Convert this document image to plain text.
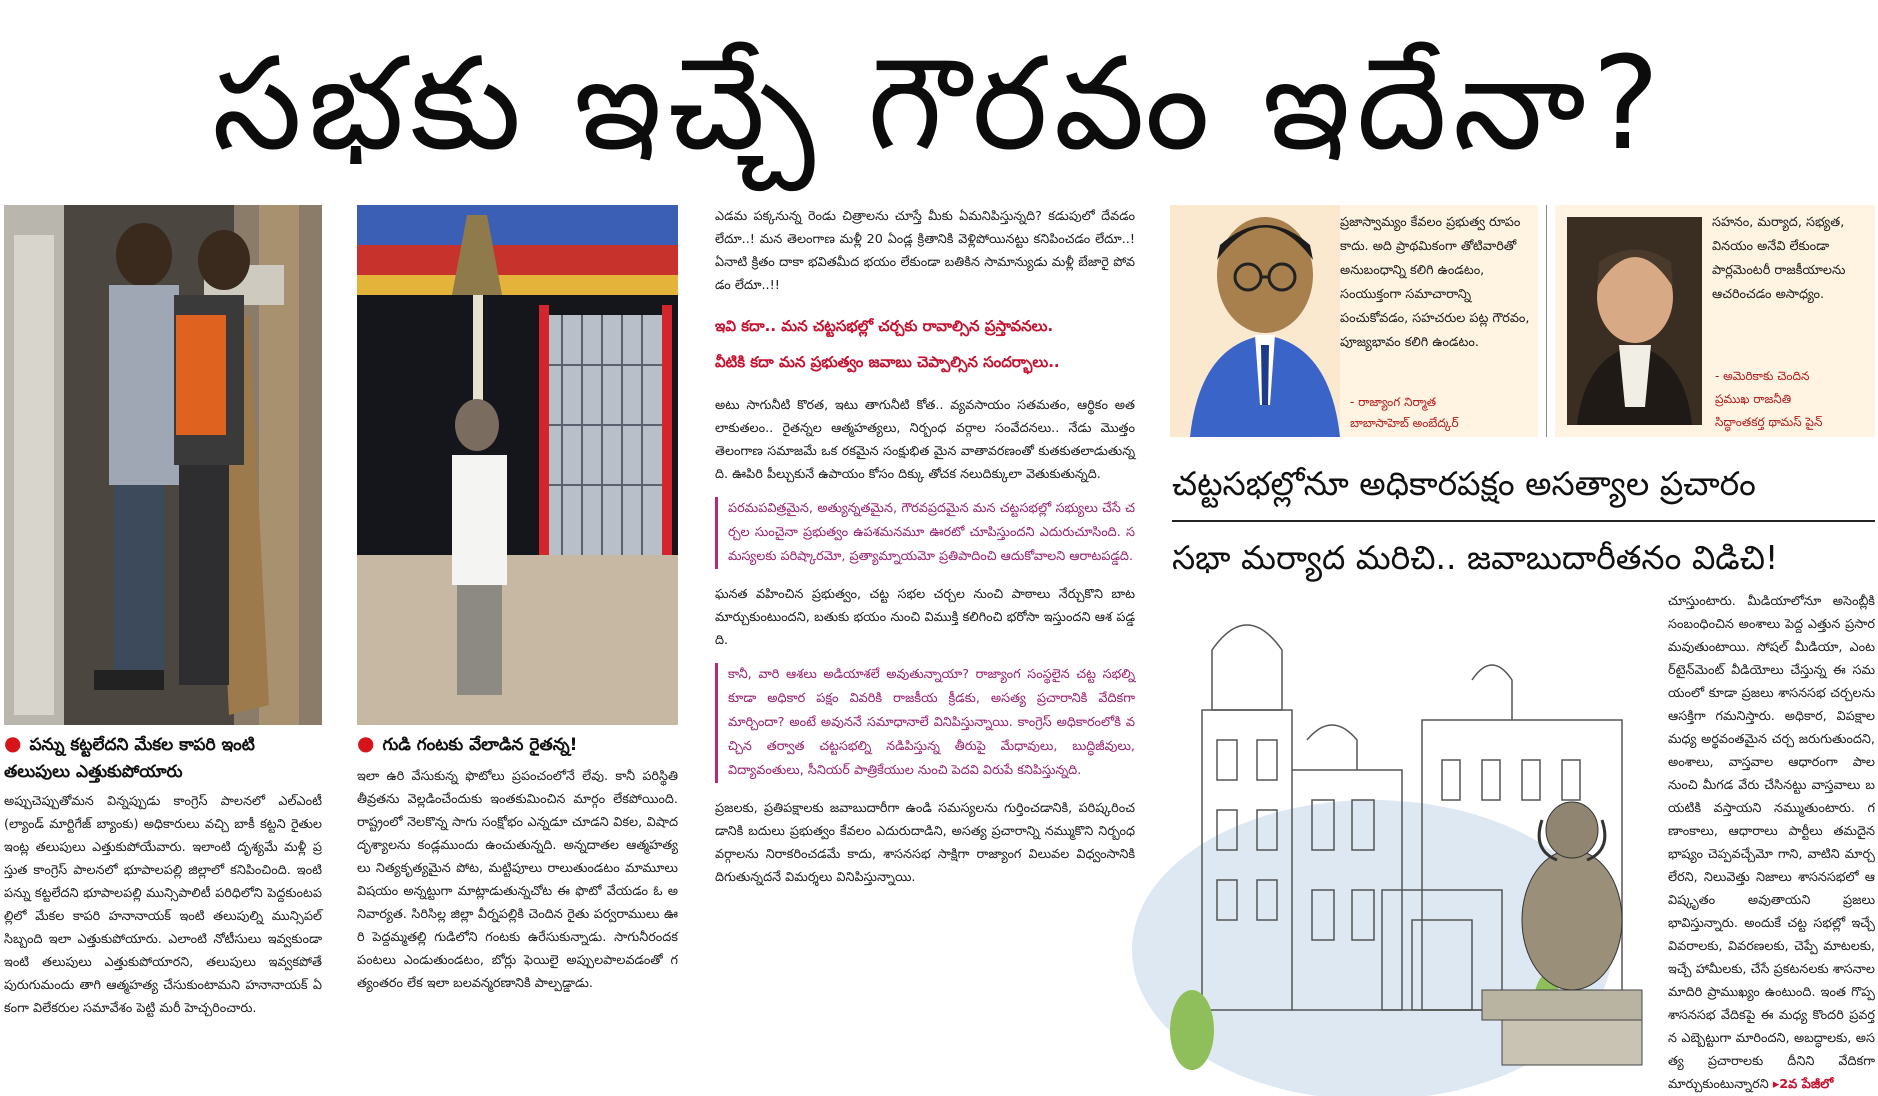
సభకు ఇచ్చే గౌరవం ఇదేనా?
● పన్ను కట్టలేదని మేకల కాపరి ఇంటి తలుపులు ఎత్తుకుపోయారు
● గుడి గంటకు వేలాడిన రైతన్న!
అప్పుచెప్పుతోమన విన్నప్పుడు కాంగ్రెస్ పాలనలో ఎల్ఎంటీ (ల్యాండ్ మార్టిగేజ్ బ్యాంకు) అధికారులు వచ్చి బాకీ కట్టని రైతుల ఇంట్ల తలుపులు ఎత్తుకుపోయేవారు. ఇలాంటి దృశ్యమే మళ్లీ ప్రస్తుత కాంగ్రెస్ పాలనలో భూపాలపల్లి జిల్లాలో కనిపించింది. ఇంటి పన్ను కట్టలేదని భూపాలపల్లి మున్సిపాలిటీ పరిధిలోని పెద్దకుంటపల్లిలో మేకల కాపరి హనానాయక్ ఇంటి తలుపుల్ని మున్సిపల్ సిబ్బంది ఇలా ఎత్తుకుపోయారు. ఎలాంటి నోటీసులు ఇవ్వకుండా ఇంటి తలుపులు ఎత్తుకుపోయారని, తలుపులు ఇవ్వకపోతే పురుగుమందు తాగి ఆత్మహత్య చేసుకుంటామని హనానాయక్ ఏకంగా విలేకరుల సమావేశం పెట్టి మరీ హెచ్చరించారు.
ఇలా ఉరి వేసుకున్న ఫొటోలు ప్రపంచంలోనే లేవు. కానీ పరిస్థితి తీవ్రతను వెల్లడించేందుకు ఇంతకుమించిన మార్గం లేకపోయింది. రాష్ట్రంలో నెలకొన్న సాగు సంక్షోభం ఎన్నడూ చూడని వికల, విషాద దృశ్యాలను కండ్లముందు ఉంచుతున్నది. అన్నదాతల ఆత్మహత్యలు నిత్యకృత్యమైన పోట, మట్టిపూలు రాలుతుండటం మామూలు విషయం అన్నట్టుగా మాట్లాడుతున్నచోట ఈ ఫొటో వేయడం ఓ అనివార్యత. సిరిసిల్ల జిల్లా వీర్నపల్లికి చెందిన రైతు పర్వరాములు ఊరి పెద్దమ్మతల్లి గుడిలోని గంటకు ఉరేసుకున్నాడు. సాగునీరందక పంటలు ఎండుతుండటం, బోర్లు ఫెయిలై అప్పులపాలవడంతో గత్యంతరం లేక ఇలా బలవన్మరణానికి పాల్పడ్డాడు.

ఎడమ పక్కనున్న రెండు చిత్రాలను చూస్తే మీకు ఏమనిపిస్తున్నది? కడుపులో దేవడం లేదూ..! మన తెలంగాణ మళ్లీ 20 ఏండ్ల క్రితానికి వెళ్లిపోయినట్టు కనిపించడం లేదూ..! ఏనాటి క్రితం దాకా భవితమీద భయం లేకుండా బతికిన సామాన్యుడు మళ్లీ బేజారై పోవడం లేదూ..!!

ఇవి కదా.. మన చట్టసభల్లో చర్చకు రావాల్సిన ప్రస్తావనలు.
వీటికి కదా మన ప్రభుత్వం జవాబు చెప్పాల్సిన సందర్భాలు..

అటు సాగునీటి కొరత, ఇటు తాగునీటి కోత.. వ్యవసాయం సతమతం, ఆర్థికం అతలాకుతలం.. రైతన్నల ఆత్మహత్యలు, నిర్బంధ వర్గాల సంవేదనలు.. నేడు మొత్తం తెలంగాణ సమాజమే ఒక రకమైన సంక్షుభిత మైన వాతావరణంతో కుతకుతలాడుతున్నది. ఊపిరి పీల్చుకునే ఉపాయం కోసం దిక్కు తోచక నలుదిక్కులా వెతుకుతున్నది.

పరమపవిత్రమైన, అత్యున్నతమైన, గౌరవప్రదమైన మన చట్టసభల్లో సభ్యులు చేసే చర్చల సుంచైనా ప్రభుత్వం ఉపశమనమూ ఊరటో చూపిస్తుందని ఎదురుచూసింది. సమస్యలకు పరిష్కారమో, ప్రత్యామ్నాయమో ప్రతిపాదించి ఆదుకోవాలని ఆరాటపడ్డది.

ఘనత వహించిన ప్రభుత్వం, చట్ట సభల చర్చల నుంచి పాఠాలు నేర్చుకొని బాట మార్చుకుంటుందని, బతుకు భయం నుంచి విముక్తి కలిగించి భరోసా ఇస్తుందని ఆశ పడ్డది.

కానీ, వారి ఆశలు అడియాశలే అవుతున్నాయా? రాజ్యాంగ సంస్థలైన చట్ట సభల్ని కూడా అధికార పక్షం వివరికి రాజకీయ క్రీడకు, అసత్య ప్రచారానికి వేదికగా మార్చిందా? అంటే అవుననే సమాధానాలే వినిపిస్తున్నాయి. కాంగ్రెస్ అధికారంలోకి వచ్చిన తర్వాత చట్టసభల్ని నడిపిస్తున్న తీరుపై మేధావులు, బుద్ధిజీవులు, విద్యావంతులు, సీనియర్ పాత్రికేయుల నుంచి పెదవి విరుపే కనిపిస్తున్నది.

ప్రజలకు, ప్రతిపక్షాలకు జవాబుదారీగా ఉండి సమస్యలను గుర్తించడానికి, పరిష్కరించడానికి బదులు ప్రభుత్వం కేవలం ఎదురుదాడిని, అసత్య ప్రచారాన్ని నమ్ముకొని నిర్బంధ వర్గాలను నిరాకరించడమే కాదు, శాసనసభ సాక్షిగా రాజ్యాంగ విలువల విధ్వంసానికి దిగుతున్నదనే విమర్శలు వినిపిస్తున్నాయి.

ప్రజాస్వామ్యం కేవలం ప్రభుత్వ రూపం కాదు. అది ప్రాథమికంగా తోటివారితో అనుబంధాన్ని కలిగి ఉండటం, సంయుక్తంగా సమాచారాన్ని పంచుకోవడం, సహచరుల పట్ల గౌరవం, పూజ్యభావం కలిగి ఉండటం.
- రాజ్యాంగ నిర్మాత
బాబాసాహెబ్ అంబేద్కర్
సహనం, మర్యాద, సభ్యత, వినయం అనేవి లేకుండా పార్లమెంటరీ రాజకీయాలను ఆచరించడం అసాధ్యం.
- అమెరికాకు చెందిన
ప్రముఖ రాజనీతి
సిద్ధాంతకర్త థామస్ పైన్
చట్టసభల్లోనూ అధికారపక్షం అసత్యాల ప్రచారం
సభా మర్యాద మరిచి.. జవాబుదారీతనం విడిచి!
చూస్తుంటారు. మీడియాలోనూ అసెంబ్లీకి సంబంధించిన అంశాలు పెద్ద ఎత్తున ప్రసారమవుతుంటాయి. సోషల్ మీడియా, ఎంటర్‌టైన్‌మెంట్ వీడియోలు చేస్తున్న ఈ సమయంలో కూడా ప్రజలు శాసనసభ చర్చలను ఆసక్తిగా గమనిస్తారు. అధికార, విపక్షాల మధ్య అర్థవంతమైన చర్చ జరుగుతుందని, అంశాలు, వాస్తవాల ఆధారంగా పాల నుంచి మీగడ వేరు చేసినట్టు వాస్తవాలు బయటికి వస్తాయని నమ్ముతుంటారు. గణాంకాలు, ఆధారాలు పార్టీలు తమదైన భాష్యం చెప్పవచ్చేమో గాని, వాటిని మార్చలేరని, నిలువెత్తు నిజాలు శాసనసభలో ఆవిష్కృతం అవుతాయని ప్రజలు భావిస్తున్నారు. అందుకే చట్ట సభల్లో ఇచ్చే వివరాలకు, వివరణలకు, చెప్పే మాటలకు, ఇచ్చే హామీలకు, చేసే ప్రకటనలకు శాసనాల మాదిరి ప్రాముఖ్యం ఉంటుంది. ఇంత గొప్ప శాసనసభ వేదికపై ఈ మధ్య కొందరి ప్రవర్తన ఎబ్బెట్టుగా మారిందని, అబద్ధాలకు, అసత్య ప్రచారాలకు దీనిని వేదికగా మార్చుకుంటున్నారని ▸2వ పేజీలో
